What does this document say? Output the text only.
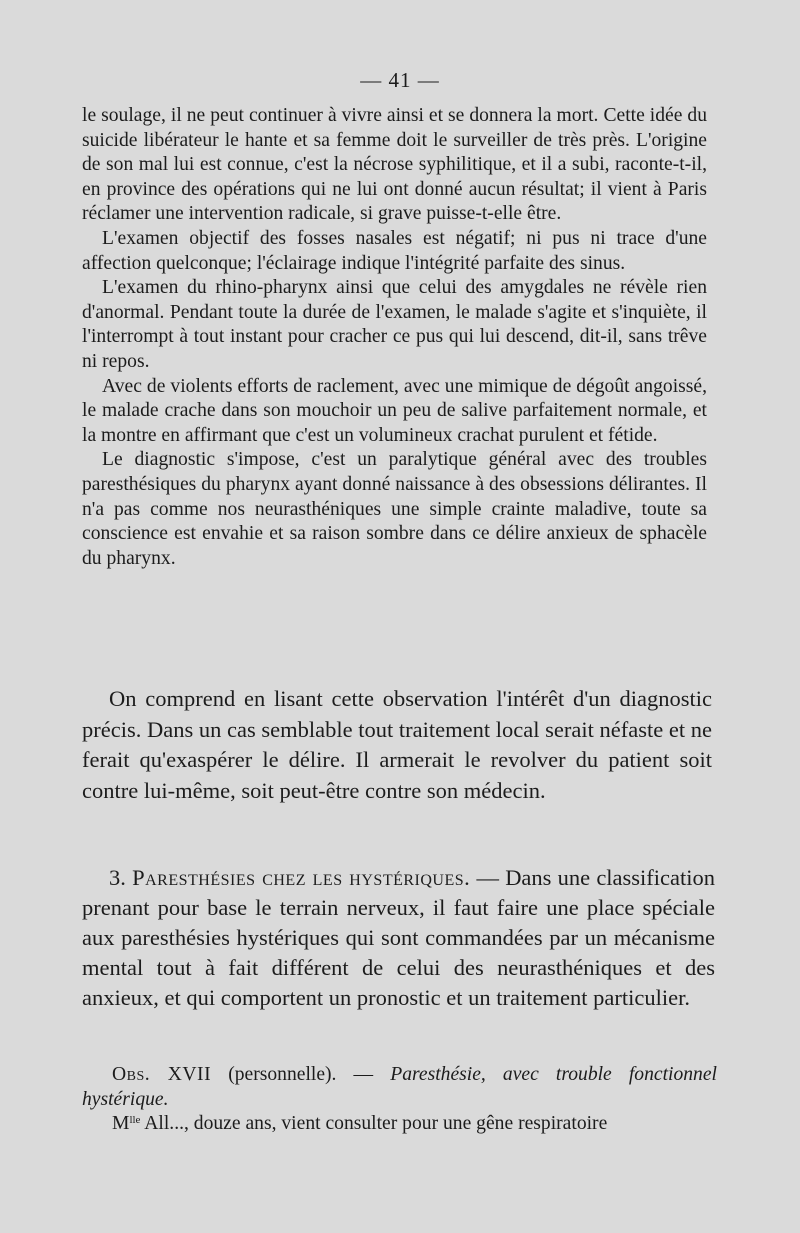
— 41 —

le soulage, il ne peut continuer à vivre ainsi et se donnera la mort. Cette idée du suicide libérateur le hante et sa femme doit le surveiller de très près. L'origine de son mal lui est connue, c'est la nécrose syphilitique, et il a subi, raconte-t-il, en province des opérations qui ne lui ont donné aucun résultat; il vient à Paris réclamer une intervention radicale, si grave puisse-t-elle être.

L'examen objectif des fosses nasales est négatif; ni pus ni trace d'une affection quelconque; l'éclairage indique l'intégrité parfaite des sinus.

L'examen du rhino-pharynx ainsi que celui des amygdales ne révèle rien d'anormal. Pendant toute la durée de l'examen, le malade s'agite et s'inquiète, il l'interrompt à tout instant pour cracher ce pus qui lui descend, dit-il, sans trêve ni repos.

Avec de violents efforts de raclement, avec une mimique de dégoût angoissé, le malade crache dans son mouchoir un peu de salive parfaitement normale, et la montre en affirmant que c'est un volumineux crachat purulent et fétide.

Le diagnostic s'impose, c'est un paralytique général avec des troubles paresthésiques du pharynx ayant donné naissance à des obsessions délirantes. Il n'a pas comme nos neurasthéniques une simple crainte maladive, toute sa conscience est envahie et sa raison sombre dans ce délire anxieux de sphacèle du pharynx.

On comprend en lisant cette observation l'intérêt d'un diagnostic précis. Dans un cas semblable tout traitement local serait néfaste et ne ferait qu'exaspérer le délire. Il armerait le revolver du patient soit contre lui-même, soit peut-être contre son médecin.

3. Paresthésies chez les hystériques. — Dans une classification prenant pour base le terrain nerveux, il faut faire une place spéciale aux paresthésies hystériques qui sont commandées par un mécanisme mental tout à fait différent de celui des neurasthéniques et des anxieux, et qui comportent un pronostic et un traitement particulier.

Obs. XVII (personnelle). — Paresthésie, avec trouble fonctionnel hystérique.

$M^{lle}$ All..., douze ans, vient consulter pour une gêne respiratoire
